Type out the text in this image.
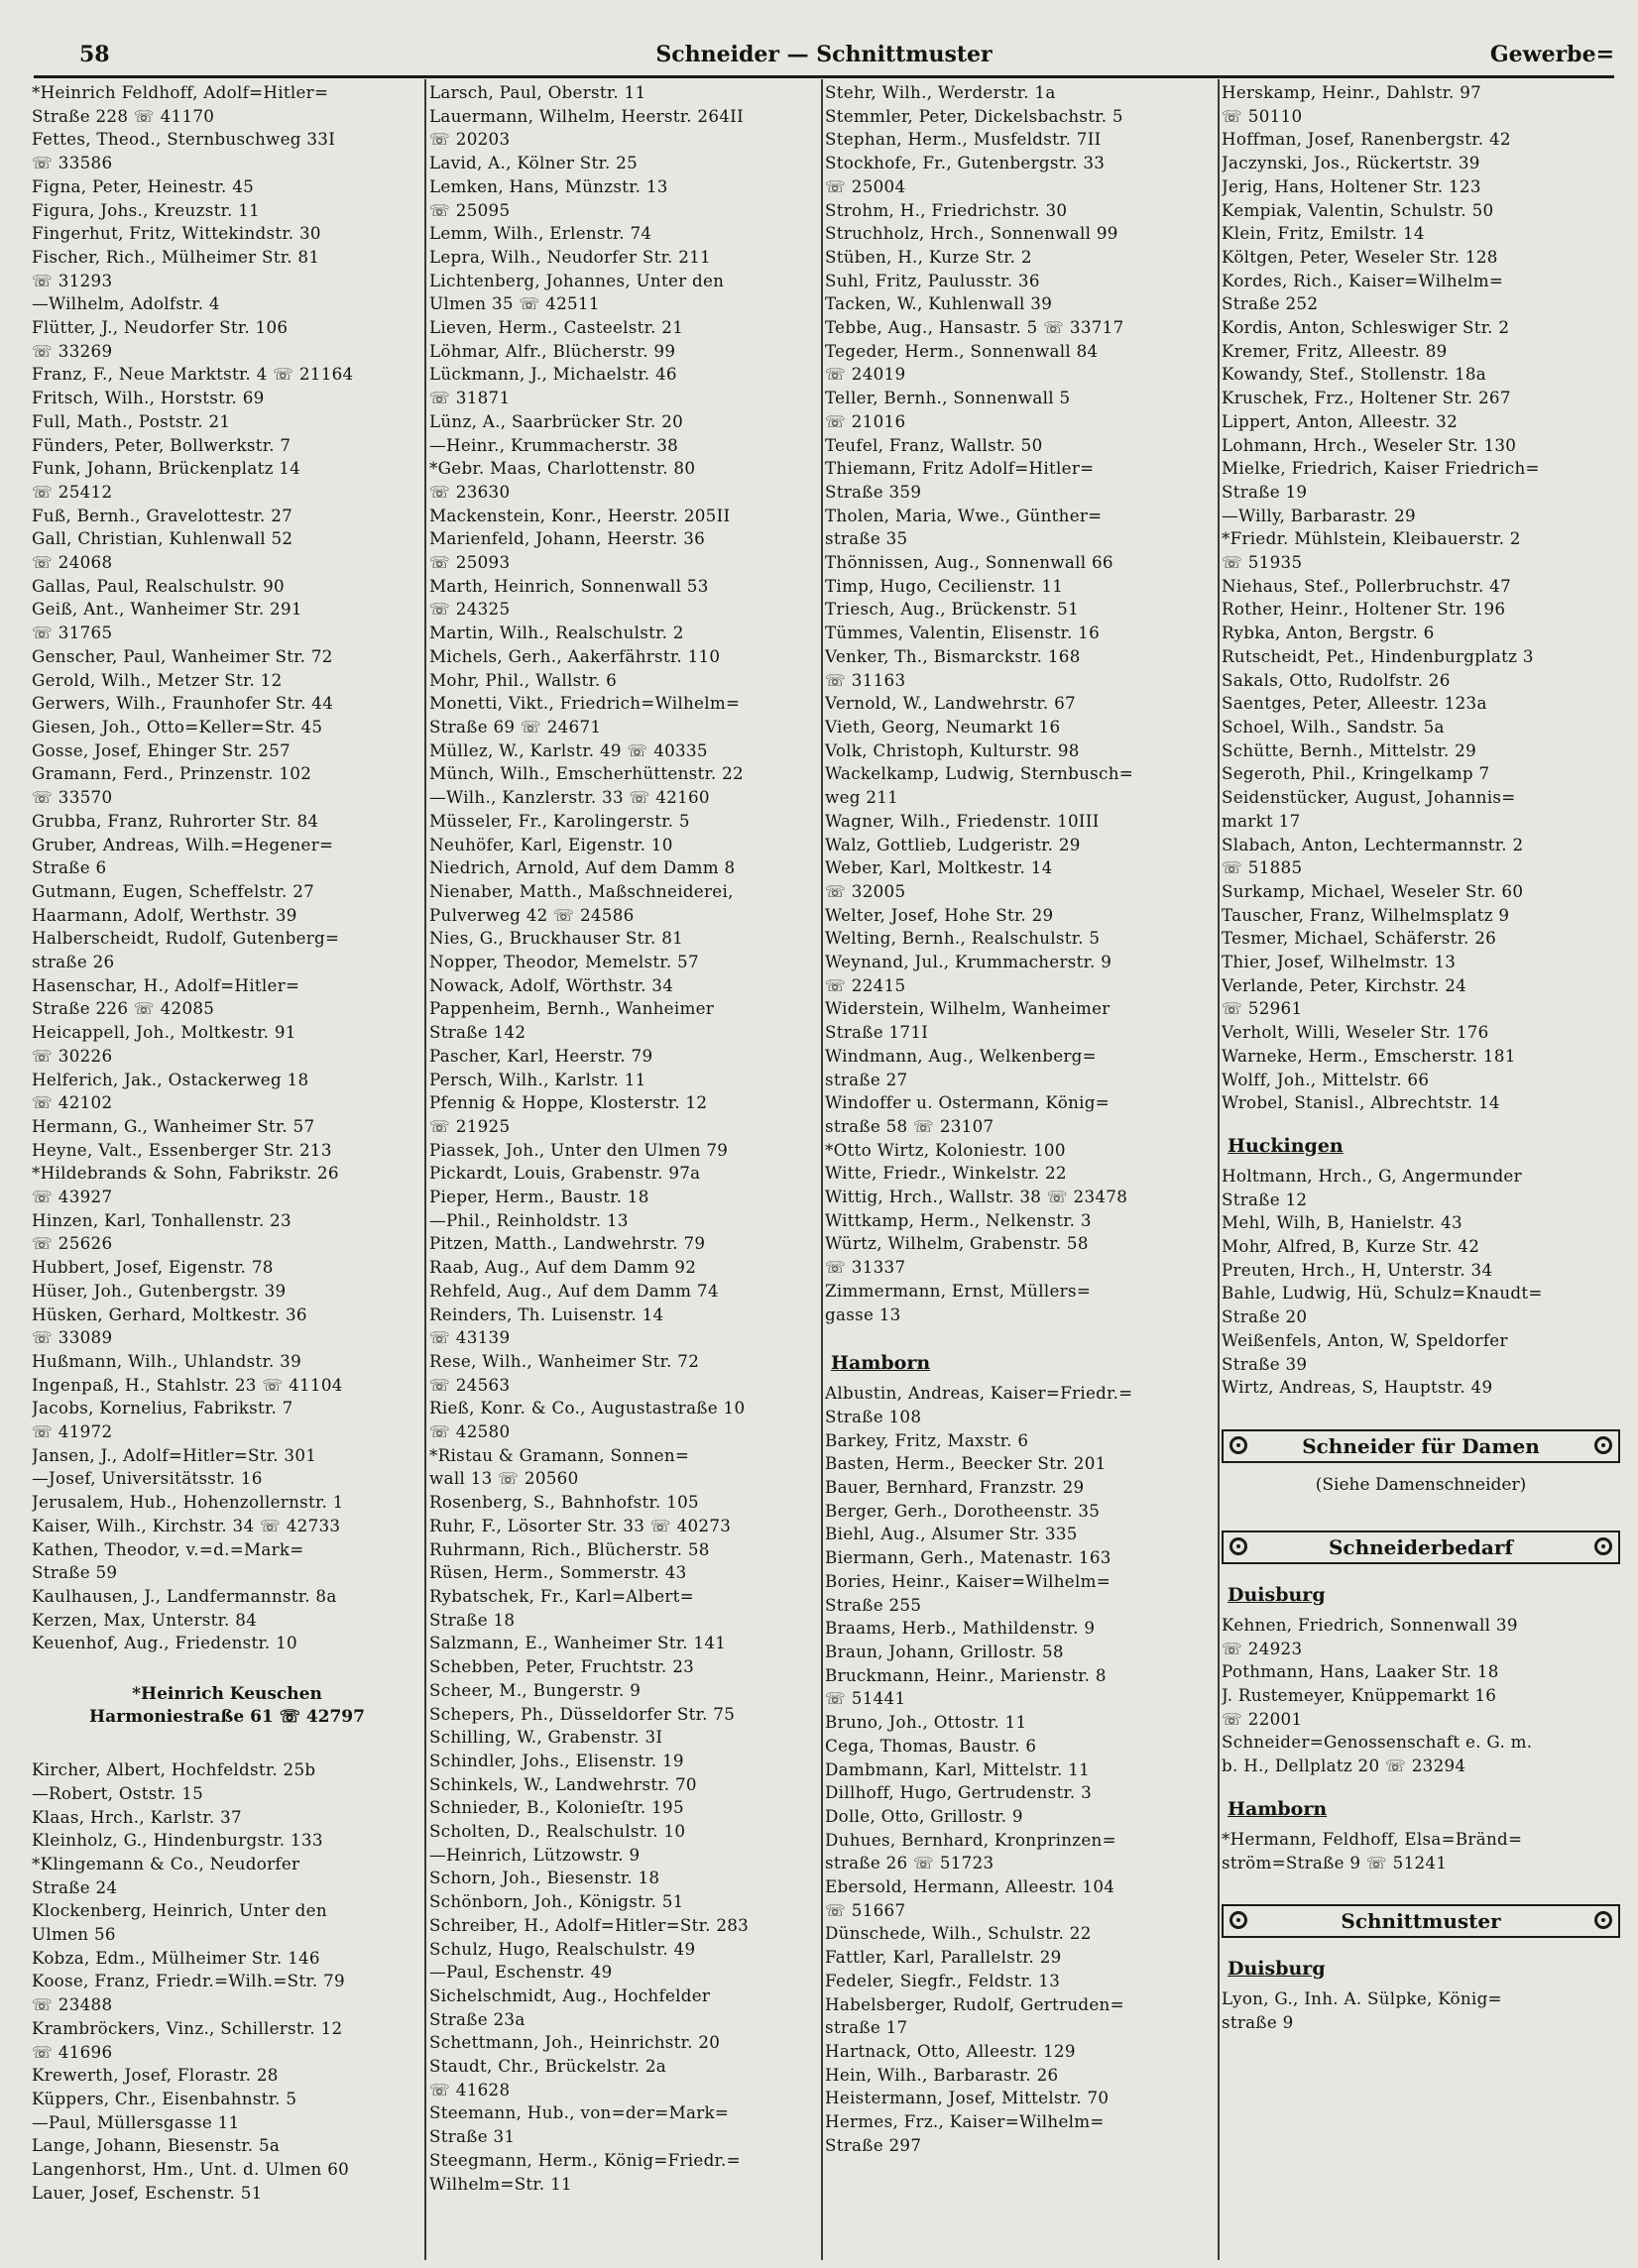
58	Schneider — Schnittmuster	Gewerbe=

*Heinrich Feldhoff, Adolf=Hitler=

Straße 228 ☏ 41170

Fettes, Theod., Sternbuschweg 33I

☏ 33586

Figna, Peter, Heinestr. 45

Figura, Johs., Kreuzstr. 11

Fingerhut, Fritz, Wittekindstr. 30

Fischer, Rich., Mülheimer Str. 81

☏ 31293

—Wilhelm, Adolfstr. 4

Flütter, J., Neudorfer Str. 106

☏ 33269

Franz, F., Neue Marktstr. 4 ☏ 21164

Fritsch, Wilh., Horststr. 69

Full, Math., Poststr. 21

Fünders, Peter, Bollwerkstr. 7

Funk, Johann, Brückenplatz 14

☏ 25412

Fuß, Bernh., Gravelottestr. 27

Gall, Christian, Kuhlenwall 52

☏ 24068

Gallas, Paul, Realschulstr. 90

Geiß, Ant., Wanheimer Str. 291

☏ 31765

Genscher, Paul, Wanheimer Str. 72

Gerold, Wilh., Metzer Str. 12

Gerwers, Wilh., Fraunhofer Str. 44

Giesen, Joh., Otto=Keller=Str. 45

Gosse, Josef, Ehinger Str. 257

Gramann, Ferd., Prinzenstr. 102

☏ 33570

Grubba, Franz, Ruhrorter Str. 84

Gruber, Andreas, Wilh.=Hegener=

Straße 6

Gutmann, Eugen, Scheffelstr. 27

Haarmann, Adolf, Werthstr. 39

Halberscheidt, Rudolf, Gutenberg=

straße 26

Hasenschar, H., Adolf=Hitler=

Straße 226 ☏ 42085

Heicappell, Joh., Moltkestr. 91

☏ 30226

Helferich, Jak., Ostackerweg 18

☏ 42102

Hermann, G., Wanheimer Str. 57

Heyne, Valt., Essenberger Str. 213

*Hildebrands & Sohn, Fabrikstr. 26

☏ 43927

Hinzen, Karl, Tonhallenstr. 23

☏ 25626

Hubbert, Josef, Eigenstr. 78

Hüser, Joh., Gutenbergstr. 39

Hüsken, Gerhard, Moltkestr. 36

☏ 33089

Hußmann, Wilh., Uhlandstr. 39

Ingenpaß, H., Stahlstr. 23 ☏ 41104

Jacobs, Kornelius, Fabrikstr. 7

☏ 41972

Jansen, J., Adolf=Hitler=Str. 301

—Josef, Universitätsstr. 16

Jerusalem, Hub., Hohenzollernstr. 1

Kaiser, Wilh., Kirchstr. 34 ☏ 42733

Kathen, Theodor, v.=d.=Mark=

Straße 59

Kaulhausen, J., Landfermannstr. 8a

Kerzen, Max, Unterstr. 84

Keuenhof, Aug., Friedenstr. 10

*Heinrich Keuschen
Harmoniestraße 61 ☏ 42797

Kircher, Albert, Hochfeldstr. 25b

—Robert, Oststr. 15

Klaas, Hrch., Karlstr. 37

Kleinholz, G., Hindenburgstr. 133

*Klingemann & Co., Neudorfer

Straße 24

Klockenberg, Heinrich, Unter den

Ulmen 56

Kobza, Edm., Mülheimer Str. 146

Koose, Franz, Friedr.=Wilh.=Str. 79

☏ 23488

Krambröckers, Vinz., Schillerstr. 12

☏ 41696

Krewerth, Josef, Florastr. 28

Küppers, Chr., Eisenbahnstr. 5

—Paul, Müllersgasse 11

Lange, Johann, Biesenstr. 5a

Langenhorst, Hm., Unt. d. Ulmen 60

Lauer, Josef, Eschenstr. 51

Larsch, Paul, Oberstr. 11

Lauermann, Wilhelm, Heerstr. 264II

☏ 20203

Lavid, A., Kölner Str. 25

Lemken, Hans, Münzstr. 13

☏ 25095

Lemm, Wilh., Erlenstr. 74

Lepra, Wilh., Neudorfer Str. 211

Lichtenberg, Johannes, Unter den

Ulmen 35 ☏ 42511

Lieven, Herm., Casteelstr. 21

Löhmar, Alfr., Blücherstr. 99

Lückmann, J., Michaelstr. 46

☏ 31871

Lünz, A., Saarbrücker Str. 20

—Heinr., Krummacherstr. 38

*Gebr. Maas, Charlottenstr. 80

☏ 23630

Mackenstein, Konr., Heerstr. 205II

Marienfeld, Johann, Heerstr. 36

☏ 25093

Marth, Heinrich, Sonnenwall 53

☏ 24325

Martin, Wilh., Realschulstr. 2

Michels, Gerh., Aakerfährstr. 110

Mohr, Phil., Wallstr. 6

Monetti, Vikt., Friedrich=Wilhelm=

Straße 69 ☏ 24671

Müllez, W., Karlstr. 49 ☏ 40335

Münch, Wilh., Emscherhüttenstr. 22

—Wilh., Kanzlerstr. 33 ☏ 42160

Müsseler, Fr., Karolingerstr. 5

Neuhöfer, Karl, Eigenstr. 10

Niedrich, Arnold, Auf dem Damm 8

Nienaber, Matth., Maßschneiderei,

Pulverweg 42 ☏ 24586

Nies, G., Bruckhauser Str. 81

Nopper, Theodor, Memelstr. 57

Nowack, Adolf, Wörthstr. 34

Pappenheim, Bernh., Wanheimer

Straße 142

Pascher, Karl, Heerstr. 79

Persch, Wilh., Karlstr. 11

Pfennig & Hoppe, Klosterstr. 12

☏ 21925

Piassek, Joh., Unter den Ulmen 79

Pickardt, Louis, Grabenstr. 97a

Pieper, Herm., Baustr. 18

—Phil., Reinholdstr. 13

Pitzen, Matth., Landwehrstr. 79

Raab, Aug., Auf dem Damm 92

Rehfeld, Aug., Auf dem Damm 74

Reinders, Th. Luisenstr. 14

☏ 43139

Rese, Wilh., Wanheimer Str. 72

☏ 24563

Rieß, Konr. & Co., Augustastraße 10

☏ 42580

*Ristau & Gramann, Sonnen=

wall 13 ☏ 20560

Rosenberg, S., Bahnhofstr. 105

Ruhr, F., Lösorter Str. 33 ☏ 40273

Ruhrmann, Rich., Blücherstr. 58

Rüsen, Herm., Sommerstr. 43

Rybatschek, Fr., Karl=Albert=

Straße 18

Salzmann, E., Wanheimer Str. 141

Schebben, Peter, Fruchtstr. 23

Scheer, M., Bungerstr. 9

Schepers, Ph., Düsseldorfer Str. 75

Schilling, W., Grabenstr. 3I

Schindler, Johs., Elisenstr. 19

Schinkels, W., Landwehrstr. 70

Schnieder, B., Kolonieſtr. 195

Scholten, D., Realschulstr. 10

—Heinrich, Lützowstr. 9

Schorn, Joh., Biesenstr. 18

Schönborn, Joh., Königstr. 51

Schreiber, H., Adolf=Hitler=Str. 283

Schulz, Hugo, Realschulstr. 49

—Paul, Eschenstr. 49

Sichelschmidt, Aug., Hochfelder

Straße 23a

Schettmann, Joh., Heinrichstr. 20

Staudt, Chr., Brückelstr. 2a

☏ 41628

Steemann, Hub., von=der=Mark=

Straße 31

Steegmann, Herm., König=Friedr.=

Wilhelm=Str. 11

Stehr, Wilh., Werderstr. 1a

Stemmler, Peter, Dickelsbachstr. 5

Stephan, Herm., Musfeldstr. 7II

Stockhofe, Fr., Gutenbergstr. 33

☏ 25004

Strohm, H., Friedrichstr. 30

Struchholz, Hrch., Sonnenwall 99

Stüben, H., Kurze Str. 2

Suhl, Fritz, Paulusstr. 36

Tacken, W., Kuhlenwall 39

Tebbe, Aug., Hansastr. 5 ☏ 33717

Tegeder, Herm., Sonnenwall 84

☏ 24019

Teller, Bernh., Sonnenwall 5

☏ 21016

Teufel, Franz, Wallstr. 50

Thiemann, Fritz Adolf=Hitler=

Straße 359

Tholen, Maria, Wwe., Günther=

straße 35

Thönnissen, Aug., Sonnenwall 66

Timp, Hugo, Cecilienstr. 11

Triesch, Aug., Brückenstr. 51

Tümmes, Valentin, Elisenstr. 16

Venker, Th., Bismarckstr. 168

☏ 31163

Vernold, W., Landwehrstr. 67

Vieth, Georg, Neumarkt 16

Volk, Christoph, Kulturstr. 98

Wackelkamp, Ludwig, Sternbusch=

weg 211

Wagner, Wilh., Friedenstr. 10III

Walz, Gottlieb, Ludgeristr. 29

Weber, Karl, Moltkestr. 14

☏ 32005

Welter, Josef, Hohe Str. 29

Welting, Bernh., Realschulstr. 5

Weynand, Jul., Krummacherstr. 9

☏ 22415

Widerstein, Wilhelm, Wanheimer

Straße 171I

Windmann, Aug., Welkenberg=

straße 27

Windoffer u. Ostermann, König=

straße 58 ☏ 23107

*Otto Wirtz, Koloniestr. 100

Witte, Friedr., Winkelstr. 22

Wittig, Hrch., Wallstr. 38 ☏ 23478

Wittkamp, Herm., Nelkenstr. 3

Würtz, Wilhelm, Grabenstr. 58

☏ 31337

Zimmermann, Ernst, Müllers=

gasse 13

Hamborn

Albustin, Andreas, Kaiser=Friedr.=

Straße 108

Barkey, Fritz, Maxstr. 6

Basten, Herm., Beecker Str. 201

Bauer, Bernhard, Franzstr. 29

Berger, Gerh., Dorotheenstr. 35

Biehl, Aug., Alsumer Str. 335

Biermann, Gerh., Matenastr. 163

Bories, Heinr., Kaiser=Wilhelm=

Straße 255

Braams, Herb., Mathildenstr. 9

Braun, Johann, Grillostr. 58

Bruckmann, Heinr., Marienstr. 8

☏ 51441

Bruno, Joh., Ottostr. 11

Cega, Thomas, Baustr. 6

Dambmann, Karl, Mittelstr. 11

Dillhoff, Hugo, Gertrudenstr. 3

Dolle, Otto, Grillostr. 9

Duhues, Bernhard, Kronprinzen=

straße 26 ☏ 51723

Ebersold, Hermann, Alleestr. 104

☏ 51667

Dünschede, Wilh., Schulstr. 22

Fattler, Karl, Parallelstr. 29

Fedeler, Siegfr., Feldstr. 13

Habelsberger, Rudolf, Gertruden=

straße 17

Hartnack, Otto, Alleestr. 129

Hein, Wilh., Barbarastr. 26

Heistermann, Josef, Mittelstr. 70

Hermes, Frz., Kaiser=Wilhelm=

Straße 297

Herskamp, Heinr., Dahlstr. 97

☏ 50110

Hoffman, Josef, Ranenbergstr. 42

Jaczynski, Jos., Rückertstr. 39

Jerig, Hans, Holtener Str. 123

Kempiak, Valentin, Schulstr. 50

Klein, Fritz, Emilstr. 14

Költgen, Peter, Weseler Str. 128

Kordes, Rich., Kaiser=Wilhelm=

Straße 252

Kordis, Anton, Schleswiger Str. 2

Kremer, Fritz, Alleestr. 89

Kowandy, Stef., Stollenstr. 18a

Kruschek, Frz., Holtener Str. 267

Lippert, Anton, Alleestr. 32

Lohmann, Hrch., Weseler Str. 130

Mielke, Friedrich, Kaiser Friedrich=

Straße 19

—Willy, Barbarastr. 29

*Friedr. Mühlstein, Kleibauerstr. 2

☏ 51935

Niehaus, Stef., Pollerbruchstr. 47

Rother, Heinr., Holtener Str. 196

Rybka, Anton, Bergstr. 6

Rutscheidt, Pet., Hindenburgplatz 3

Sakals, Otto, Rudolfstr. 26

Saentges, Peter, Alleestr. 123a

Schoel, Wilh., Sandstr. 5a

Schütte, Bernh., Mittelstr. 29

Segeroth, Phil., Kringelkamp 7

Seidenstücker, August, Johannis=

markt 17

Slabach, Anton, Lechtermannstr. 2

☏ 51885

Surkamp, Michael, Weseler Str. 60

Tauscher, Franz, Wilhelmsplatz 9

Tesmer, Michael, Schäferstr. 26

Thier, Josef, Wilhelmstr. 13

Verlande, Peter, Kirchstr. 24

☏ 52961

Verholt, Willi, Weseler Str. 176

Warneke, Herm., Emscherstr. 181

Wolff, Joh., Mittelstr. 66

Wrobel, Stanisl., Albrechtstr. 14

Huckingen

Holtmann, Hrch., G, Angermunder

Straße 12

Mehl, Wilh, B, Hanielstr. 43

Mohr, Alfred, B, Kurze Str. 42

Preuten, Hrch., H, Unterstr. 34

Bahle, Ludwig, Hü, Schulz=Knaudt=

Straße 20

Weißenfels, Anton, W, Speldorfer

Straße 39

Wirtz, Andreas, S, Hauptstr. 49

Schneider für Damen
(Siehe Damenschneider)
Schneiderbedarf
Duisburg

Kehnen, Friedrich, Sonnenwall 39

☏ 24923

Pothmann, Hans, Laaker Str. 18

J. Rustemeyer, Knüppemarkt 16

☏ 22001

Schneider=Genossenschaft e. G. m.

b. H., Dellplatz 20 ☏ 23294

Hamborn

*Hermann, Feldhoff, Elsa=Bränd=

ström=Straße 9 ☏ 51241

Schnittmuster
Duisburg

Lyon, G., Inh. A. Sülpke, König=

straße 9
